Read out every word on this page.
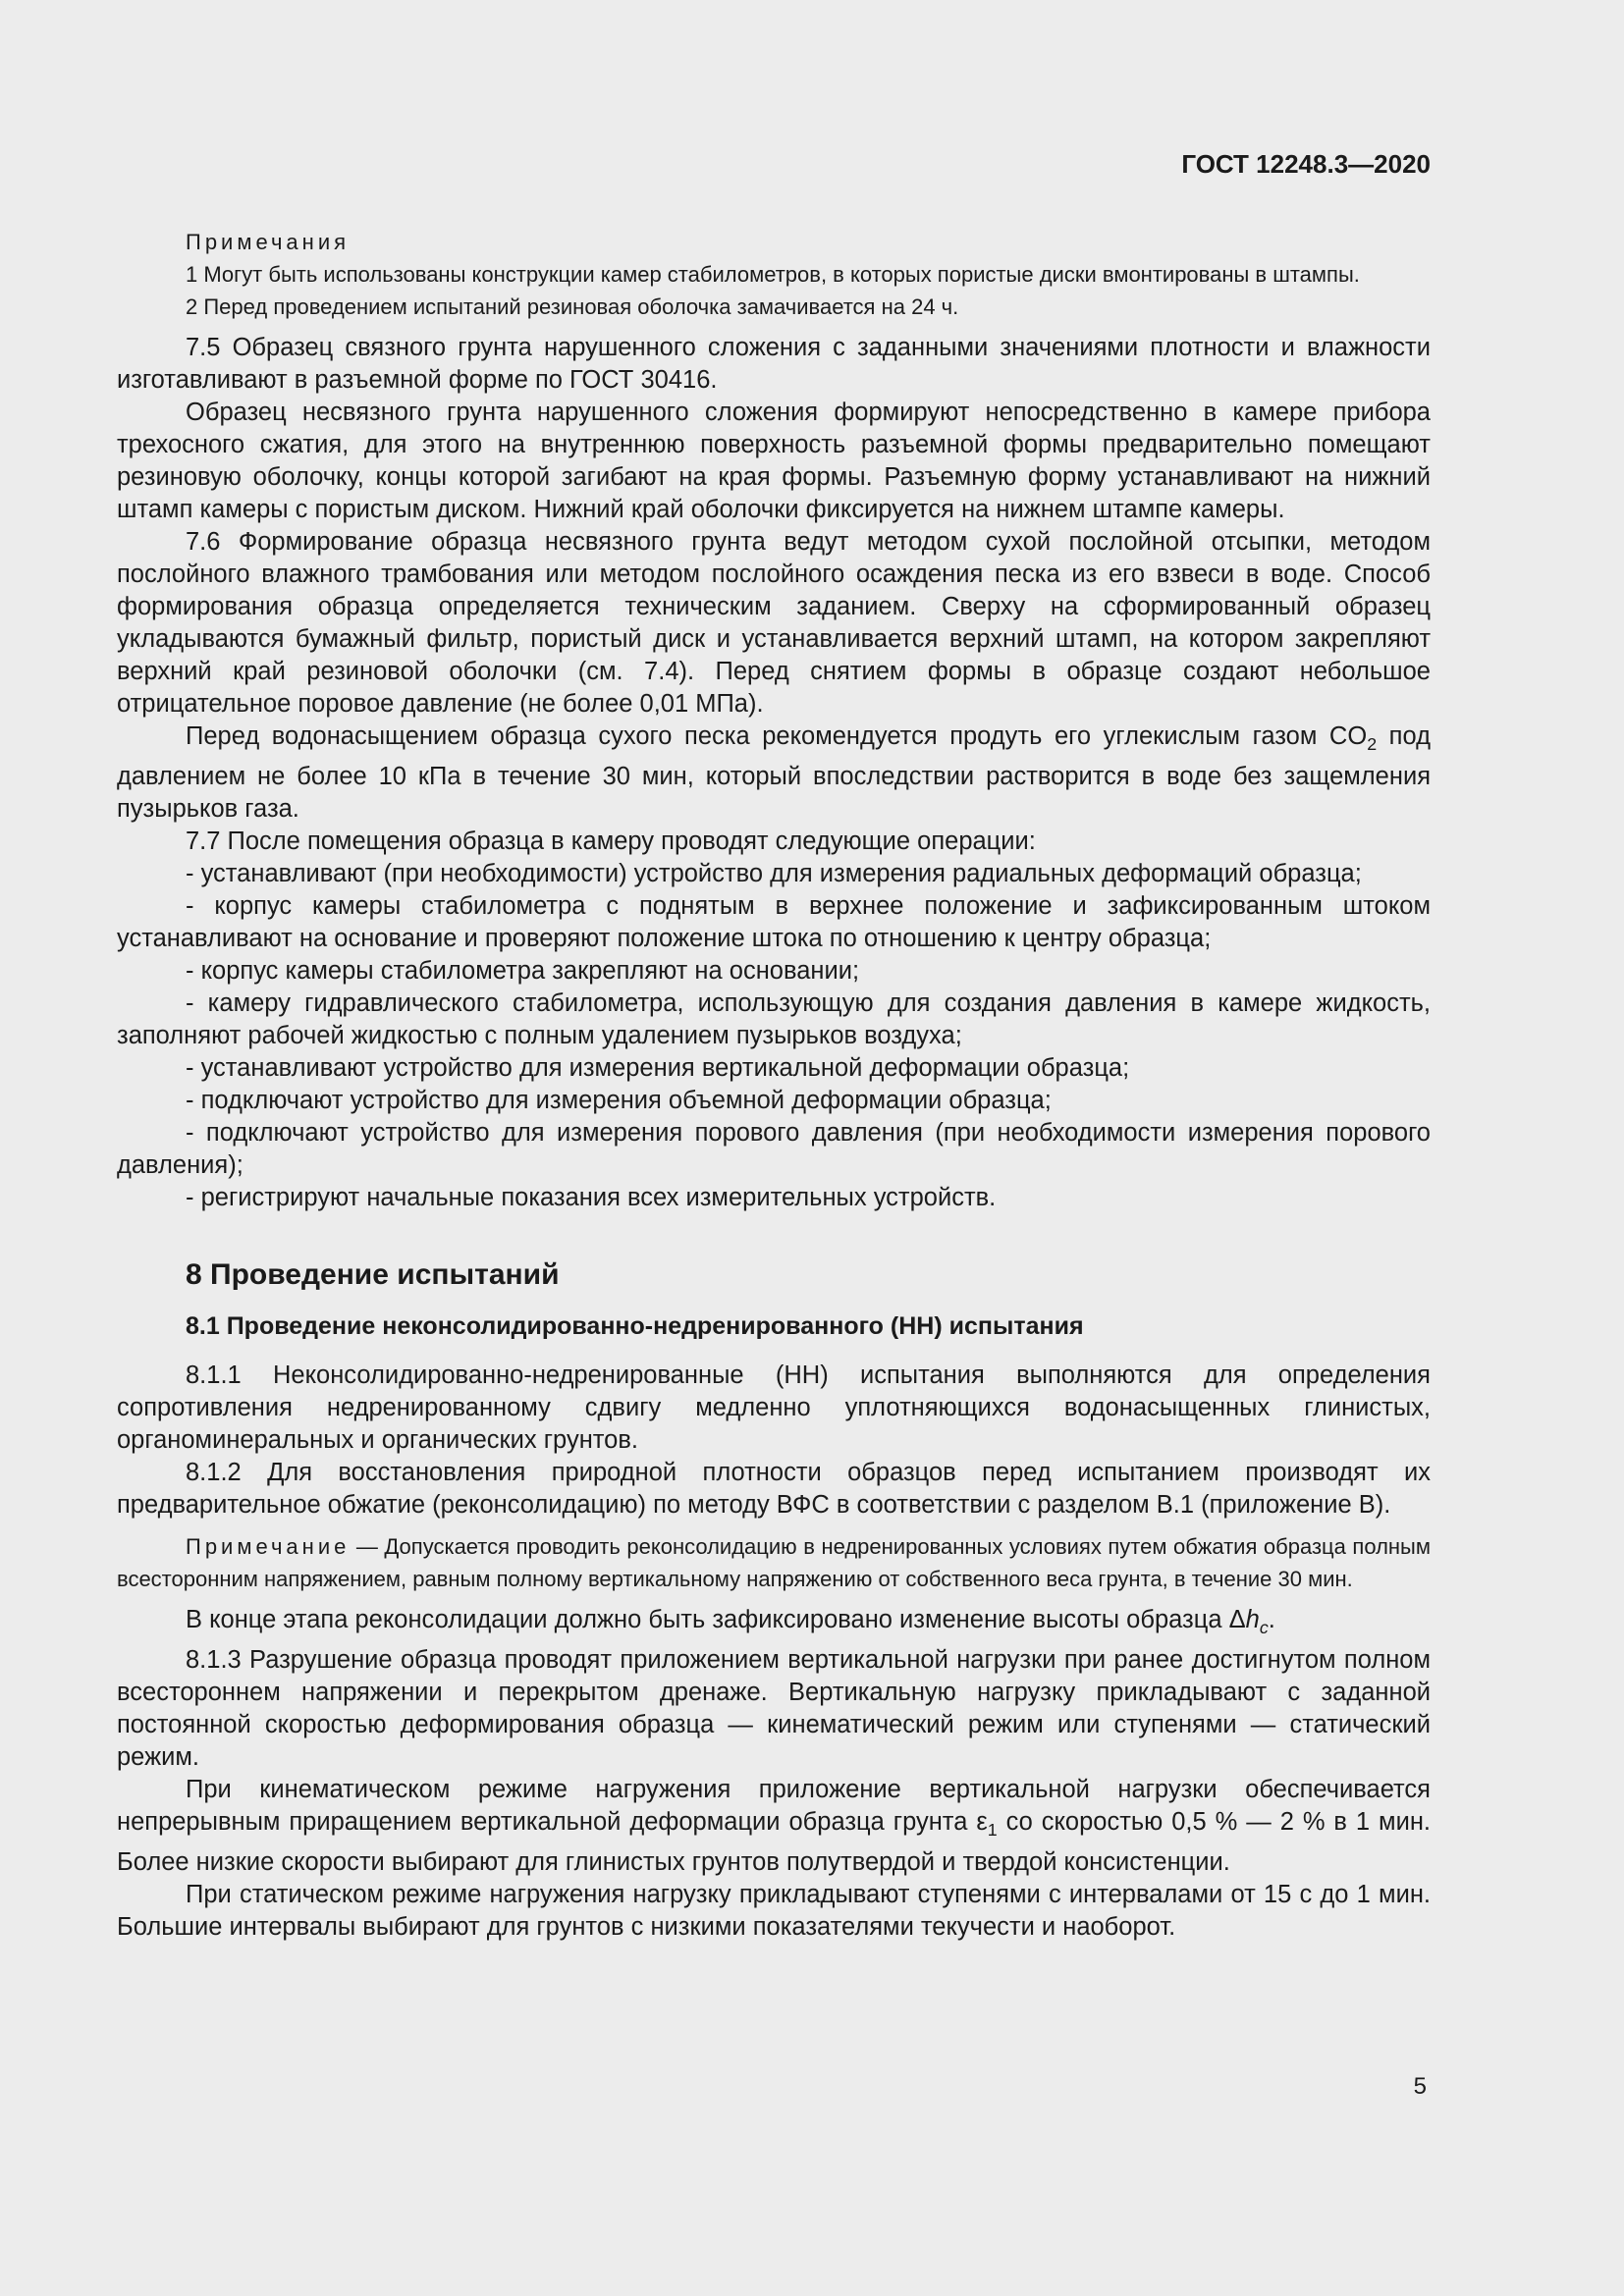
ГОСТ 12248.3—2020
Примечания
1 Могут быть использованы конструкции камер стабилометров, в которых пористые диски вмонтированы в штампы.
2 Перед проведением испытаний резиновая оболочка замачивается на 24 ч.
7.5 Образец связного грунта нарушенного сложения с заданными значениями плотности и влажности изготавливают в разъемной форме по ГОСТ 30416.
Образец несвязного грунта нарушенного сложения формируют непосредственно в камере прибора трехосного сжатия, для этого на внутреннюю поверхность разъемной формы предварительно помещают резиновую оболочку, концы которой загибают на края формы. Разъемную форму устанавливают на нижний штамп камеры с пористым диском. Нижний край оболочки фиксируется на нижнем штампе камеры.
7.6 Формирование образца несвязного грунта ведут методом сухой послойной отсыпки, методом послойного влажного трамбования или методом послойного осаждения песка из его взвеси в воде. Способ формирования образца определяется техническим заданием. Сверху на сформированный образец укладываются бумажный фильтр, пористый диск и устанавливается верхний штамп, на котором закрепляют верхний край резиновой оболочки (см. 7.4). Перед снятием формы в образце создают небольшое отрицательное поровое давление (не более 0,01 МПа).
Перед водонасыщением образца сухого песка рекомендуется продуть его углекислым газом $CO_2$ под давлением не более 10 кПа в течение 30 мин, который впоследствии растворится в воде без защемления пузырьков газа.
7.7 После помещения образца в камеру проводят следующие операции:
- устанавливают (при необходимости) устройство для измерения радиальных деформаций образца;
- корпус камеры стабилометра с поднятым в верхнее положение и зафиксированным штоком устанавливают на основание и проверяют положение штока по отношению к центру образца;
- корпус камеры стабилометра закрепляют на основании;
- камеру гидравлического стабилометра, использующую для создания давления в камере жидкость, заполняют рабочей жидкостью с полным удалением пузырьков воздуха;
- устанавливают устройство для измерения вертикальной деформации образца;
- подключают устройство для измерения объемной деформации образца;
- подключают устройство для измерения порового давления (при необходимости измерения порового давления);
- регистрируют начальные показания всех измерительных устройств.
8 Проведение испытаний
8.1 Проведение неконсолидированно-недренированного (НН) испытания
8.1.1 Неконсолидированно-недренированные (НН) испытания выполняются для определения сопротивления недренированному сдвигу медленно уплотняющихся водонасыщенных глинистых, органоминеральных и органических грунтов.
8.1.2 Для восстановления природной плотности образцов перед испытанием производят их предварительное обжатие (реконсолидацию) по методу ВФС в соответствии с разделом В.1 (приложение В).
Примечание — Допускается проводить реконсолидацию в недренированных условиях путем обжатия образца полным всесторонним напряжением, равным полному вертикальному напряжению от собственного веса грунта, в течение 30 мин.
В конце этапа реконсолидации должно быть зафиксировано изменение высоты образца $\Delta h_c$.
8.1.3 Разрушение образца проводят приложением вертикальной нагрузки при ранее достигнутом полном всестороннем напряжении и перекрытом дренаже. Вертикальную нагрузку прикладывают с заданной постоянной скоростью деформирования образца — кинематический режим или ступенями — статический режим.
При кинематическом режиме нагружения приложение вертикальной нагрузки обеспечивается непрерывным приращением вертикальной деформации образца грунта $\varepsilon_1$ со скоростью 0,5 % — 2 % в 1 мин. Более низкие скорости выбирают для глинистых грунтов полутвердой и твердой консистенции.
При статическом режиме нагружения нагрузку прикладывают ступенями с интервалами от 15 с до 1 мин. Большие интервалы выбирают для грунтов с низкими показателями текучести и наоборот.
5
